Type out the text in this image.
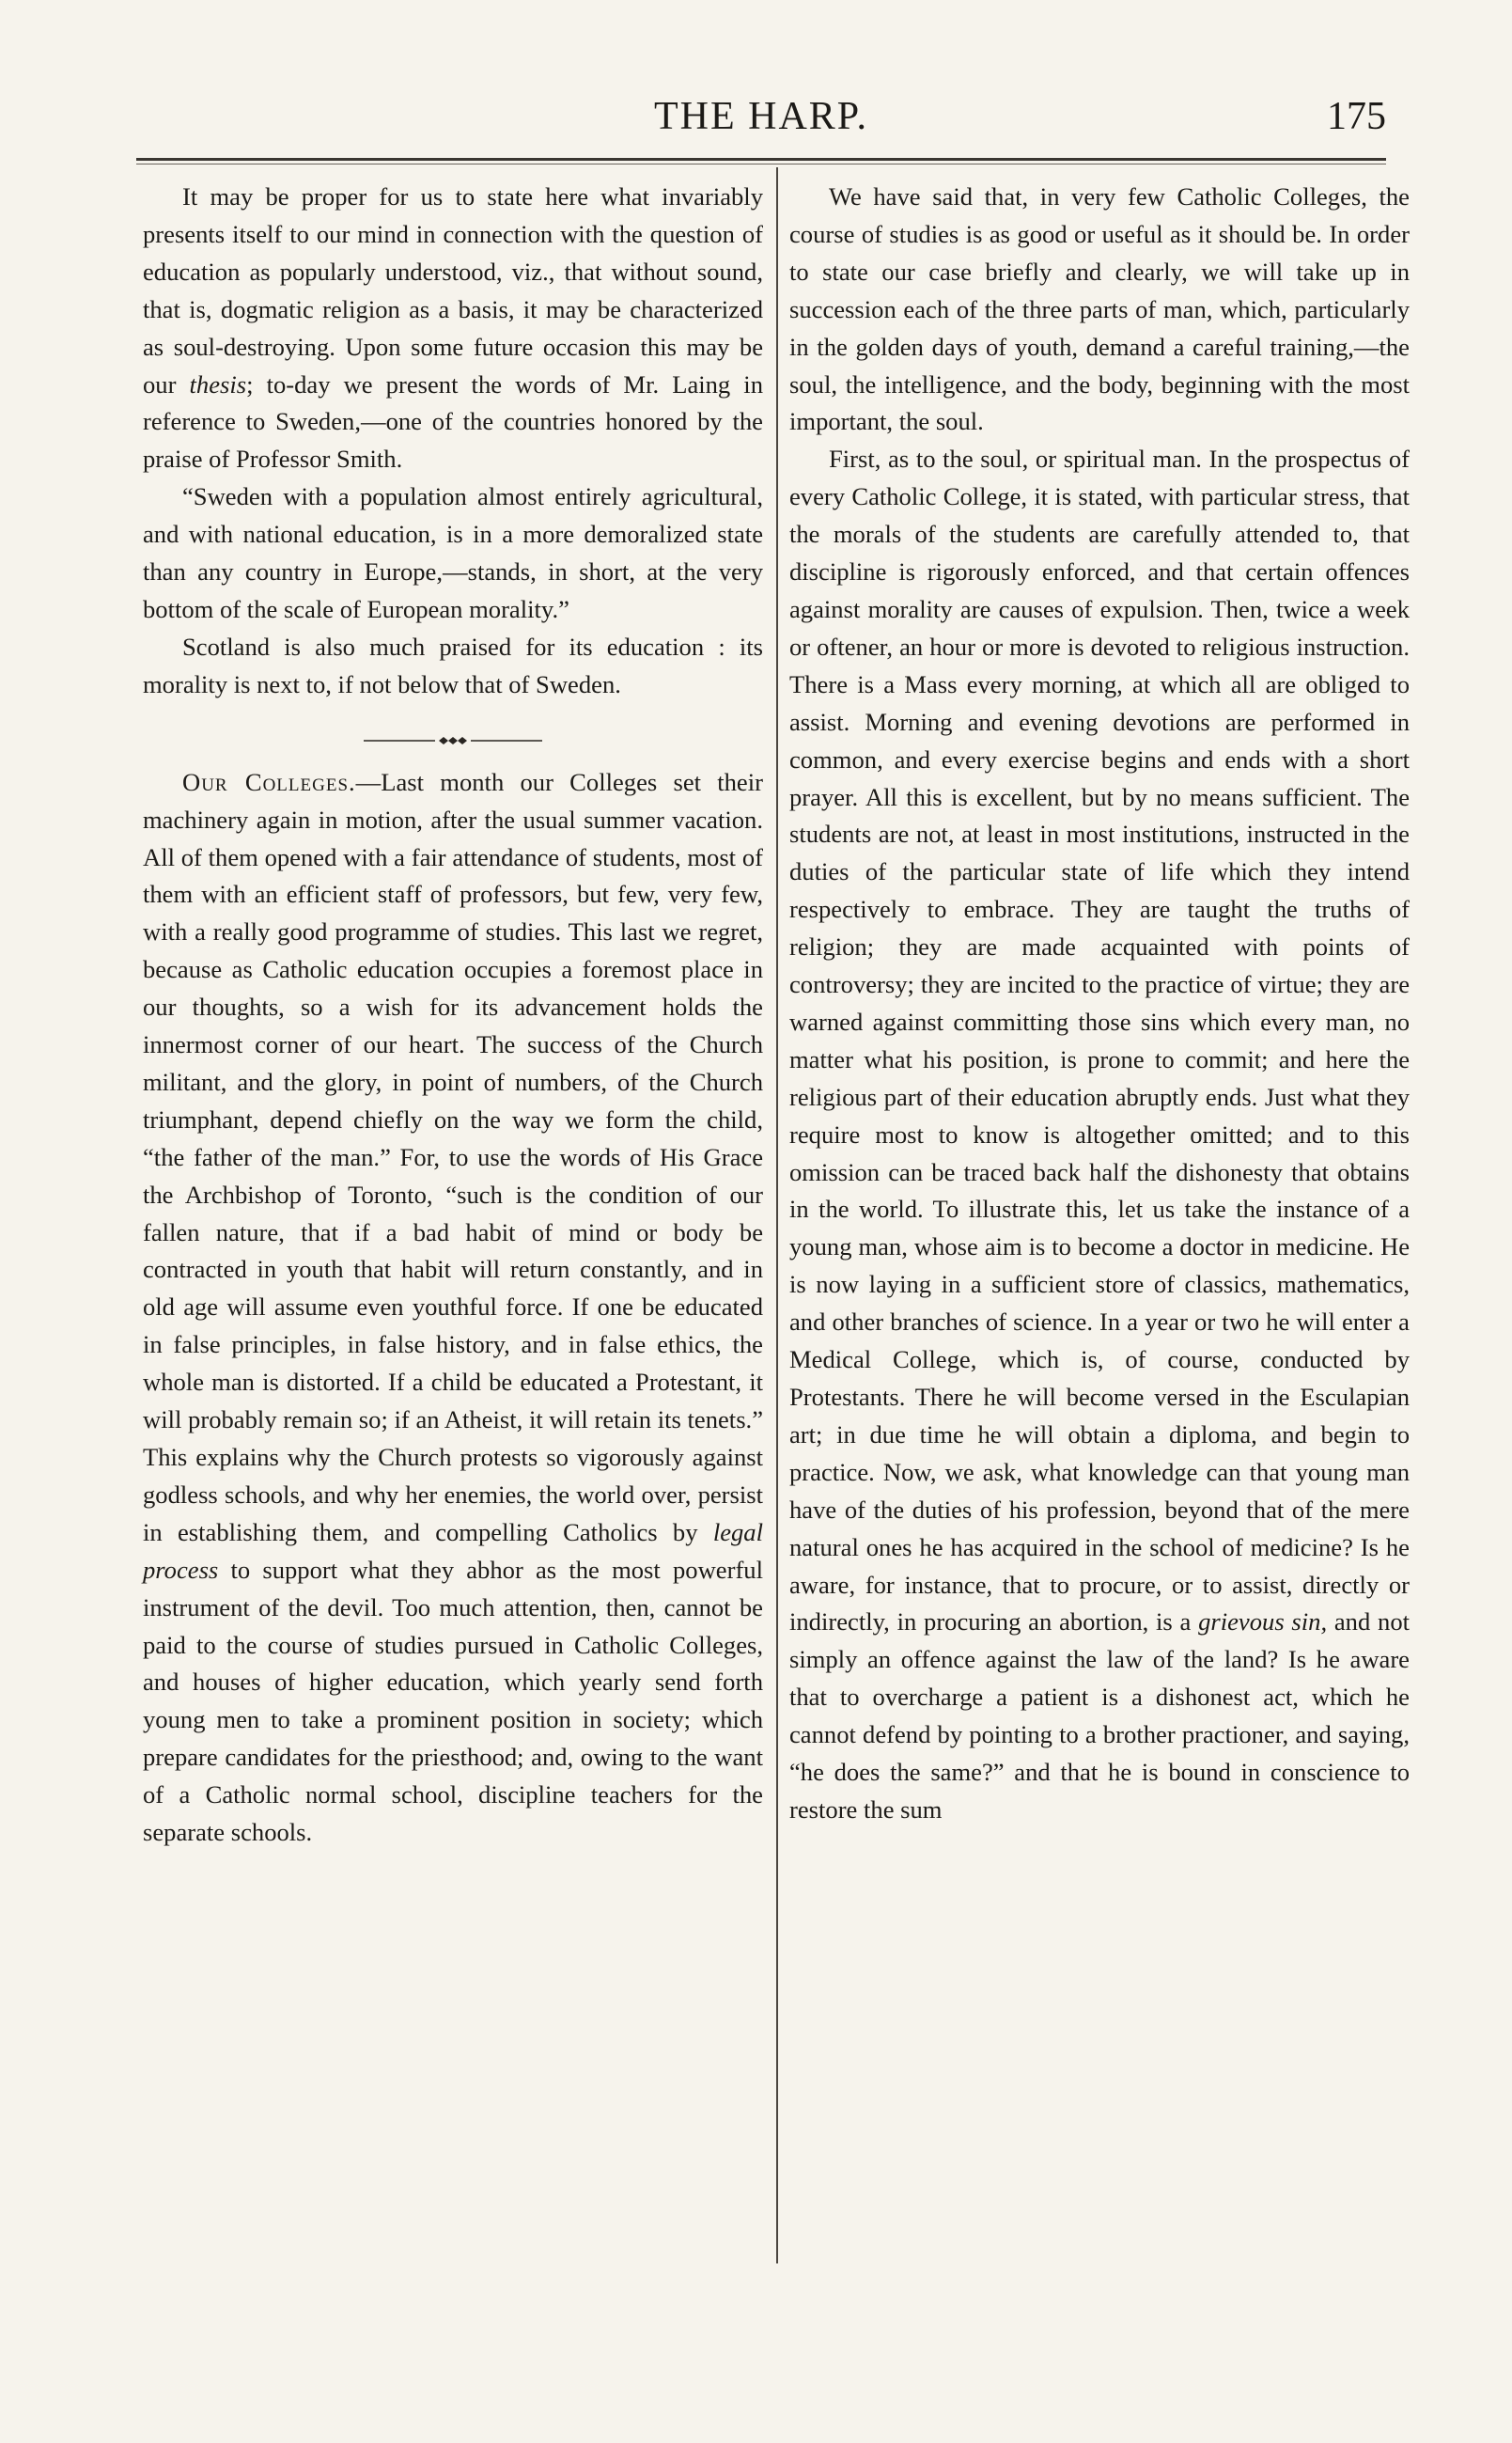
THE HARP.	175

It may be proper for us to state here what invariably presents itself to our mind in connection with the question of education as popularly understood, viz., that without sound, that is, dogmatic religion as a basis, it may be characterized as soul-destroying. Upon some future occasion this may be our thesis; to-day we present the words of Mr. Laing in reference to Sweden,—one of the countries honored by the praise of Professor Smith.

“Sweden with a population almost entirely agricultural, and with national education, is in a more demoralized state than any country in Europe,—stands, in short, at the very bottom of the scale of European morality.”

Scotland is also much praised for its education : its morality is next to, if not below that of Sweden.

Our Colleges.—Last month our Colleges set their machinery again in motion, after the usual summer vacation. All of them opened with a fair attendance of students, most of them with an efficient staff of professors, but few, very few, with a really good programme of studies. This last we regret, because as Catholic education occupies a foremost place in our thoughts, so a wish for its advancement holds the innermost corner of our heart. The success of the Church militant, and the glory, in point of numbers, of the Church triumphant, depend chiefly on the way we form the child, “the father of the man.” For, to use the words of His Grace the Archbishop of Toronto, “such is the condition of our fallen nature, that if a bad habit of mind or body be contracted in youth that habit will return constantly, and in old age will assume even youthful force. If one be educated in false principles, in false history, and in false ethics, the whole man is distorted. If a child be educated a Protestant, it will probably remain so; if an Atheist, it will retain its tenets.” This explains why the Church protests so vigorously against godless schools, and why her enemies, the world over, persist in establishing them, and compelling Catholics by legal process to support what they abhor as the most powerful instrument of the devil. Too much attention, then, cannot be paid to the course of studies pursued in Catholic Colleges, and houses of higher education, which yearly send forth young men to take a prominent position in society; which prepare candidates for the priesthood; and, owing to the want of a Catholic normal school, discipline teachers for the separate schools.

We have said that, in very few Catholic Colleges, the course of studies is as good or useful as it should be. In order to state our case briefly and clearly, we will take up in succession each of the three parts of man, which, particularly in the golden days of youth, demand a careful training,—the soul, the intelligence, and the body, beginning with the most important, the soul.

First, as to the soul, or spiritual man. In the prospectus of every Catholic College, it is stated, with particular stress, that the morals of the students are carefully attended to, that discipline is rigorously enforced, and that certain offences against morality are causes of expulsion. Then, twice a week or oftener, an hour or more is devoted to religious instruction. There is a Mass every morning, at which all are obliged to assist. Morning and evening devotions are performed in common, and every exercise begins and ends with a short prayer. All this is excellent, but by no means sufficient. The students are not, at least in most institutions, instructed in the duties of the particular state of life which they intend respectively to embrace. They are taught the truths of religion; they are made acquainted with points of controversy; they are incited to the practice of virtue; they are warned against committing those sins which every man, no matter what his position, is prone to commit; and here the religious part of their education abruptly ends. Just what they require most to know is altogether omitted; and to this omission can be traced back half the dishonesty that obtains in the world. To illustrate this, let us take the instance of a young man, whose aim is to become a doctor in medicine. He is now laying in a sufficient store of classics, mathematics, and other branches of science. In a year or two he will enter a Medical College, which is, of course, conducted by Protestants. There he will become versed in the Esculapian art; in due time he will obtain a diploma, and begin to practice. Now, we ask, what knowledge can that young man have of the duties of his profession, beyond that of the mere natural ones he has acquired in the school of medicine? Is he aware, for instance, that to procure, or to assist, directly or indirectly, in procuring an abortion, is a grievous sin, and not simply an offence against the law of the land? Is he aware that to overcharge a patient is a dishonest act, which he cannot defend by pointing to a brother practioner, and saying, “he does the same?” and that he is bound in conscience to restore the sum
